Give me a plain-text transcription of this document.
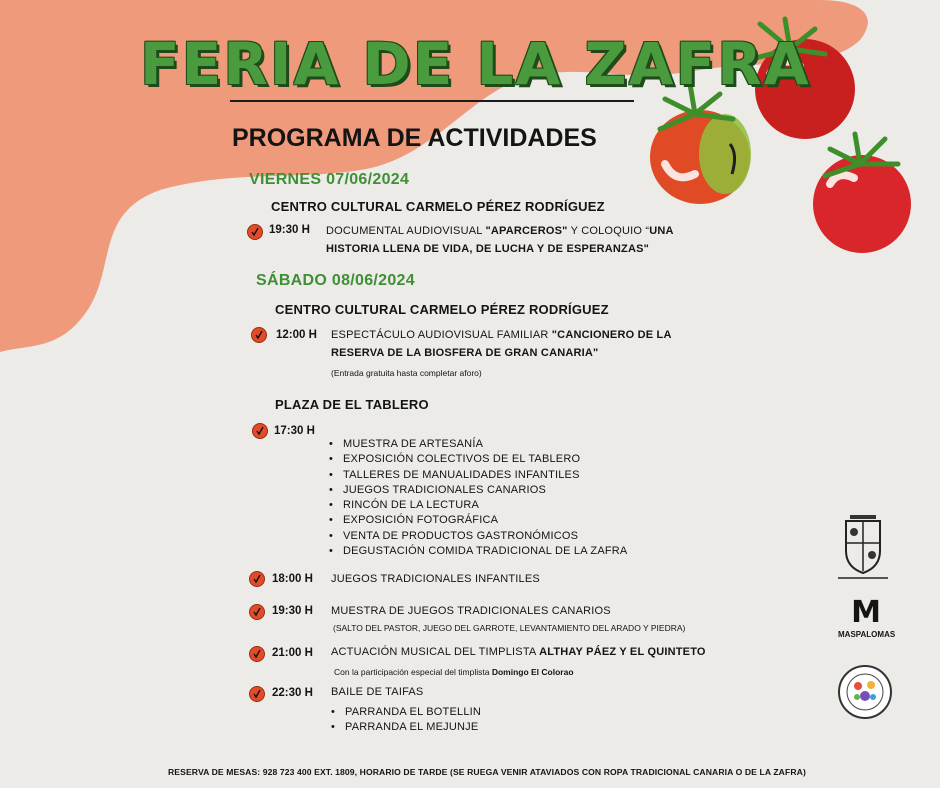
FERIA DE LA ZAFRA
PROGRAMA DE ACTIVIDADES
VIERNES 07/06/2024
CENTRO CULTURAL CARMELO PÉREZ RODRÍGUEZ
19:30 H DOCUMENTAL AUDIOVISUAL "APARCEROS" Y COLOQUIO “UNA
HISTORIA LLENA DE VIDA, DE LUCHA Y DE ESPERANZAS"
SÁBADO 08/06/2024
CENTRO CULTURAL CARMELO PÉREZ RODRÍGUEZ
12:00 H ESPECTÁCULO AUDIOVISUAL FAMILIAR "CANCIONERO DE LA
RESERVA DE LA BIOSFERA DE GRAN CANARIA"
(Entrada gratuita hasta completar aforo)
PLAZA DE EL TABLERO
17:30 H
• MUESTRA DE ARTESANÍA
• EXPOSICIÓN COLECTIVOS DE EL TABLERO
• TALLERES DE MANUALIDADES INFANTILES
• JUEGOS TRADICIONALES CANARIOS
• RINCÓN DE LA LECTURA
• EXPOSICIÓN FOTOGRÁFICA
• VENTA DE PRODUCTOS GASTRONÓMICOS
• DEGUSTACIÓN COMIDA TRADICIONAL DE LA ZAFRA
18:00 H JUEGOS TRADICIONALES INFANTILES
19:30 H MUESTRA DE JUEGOS TRADICIONALES CANARIOS
(SALTO DEL PASTOR, JUEGO DEL GARROTE, LEVANTAMIENTO DEL ARADO Y PIEDRA)
21:00 H ACTUACIÓN MUSICAL DEL TIMPLISTA ALTHAY PÁEZ Y EL QUINTETO
Con la participación especial del timplista Domingo El Colorao
22:30 H BAILE DE TAIFAS
• PARRANDA EL BOTELLIN
• PARRANDA EL MEJUNJE
M
MASPALOMAS
RESERVA DE MESAS: 928 723 400 EXT. 1809, HORARIO DE TARDE (SE RUEGA VENIR ATAVIADOS CON ROPA TRADICIONAL CANARIA O DE LA ZAFRA)
